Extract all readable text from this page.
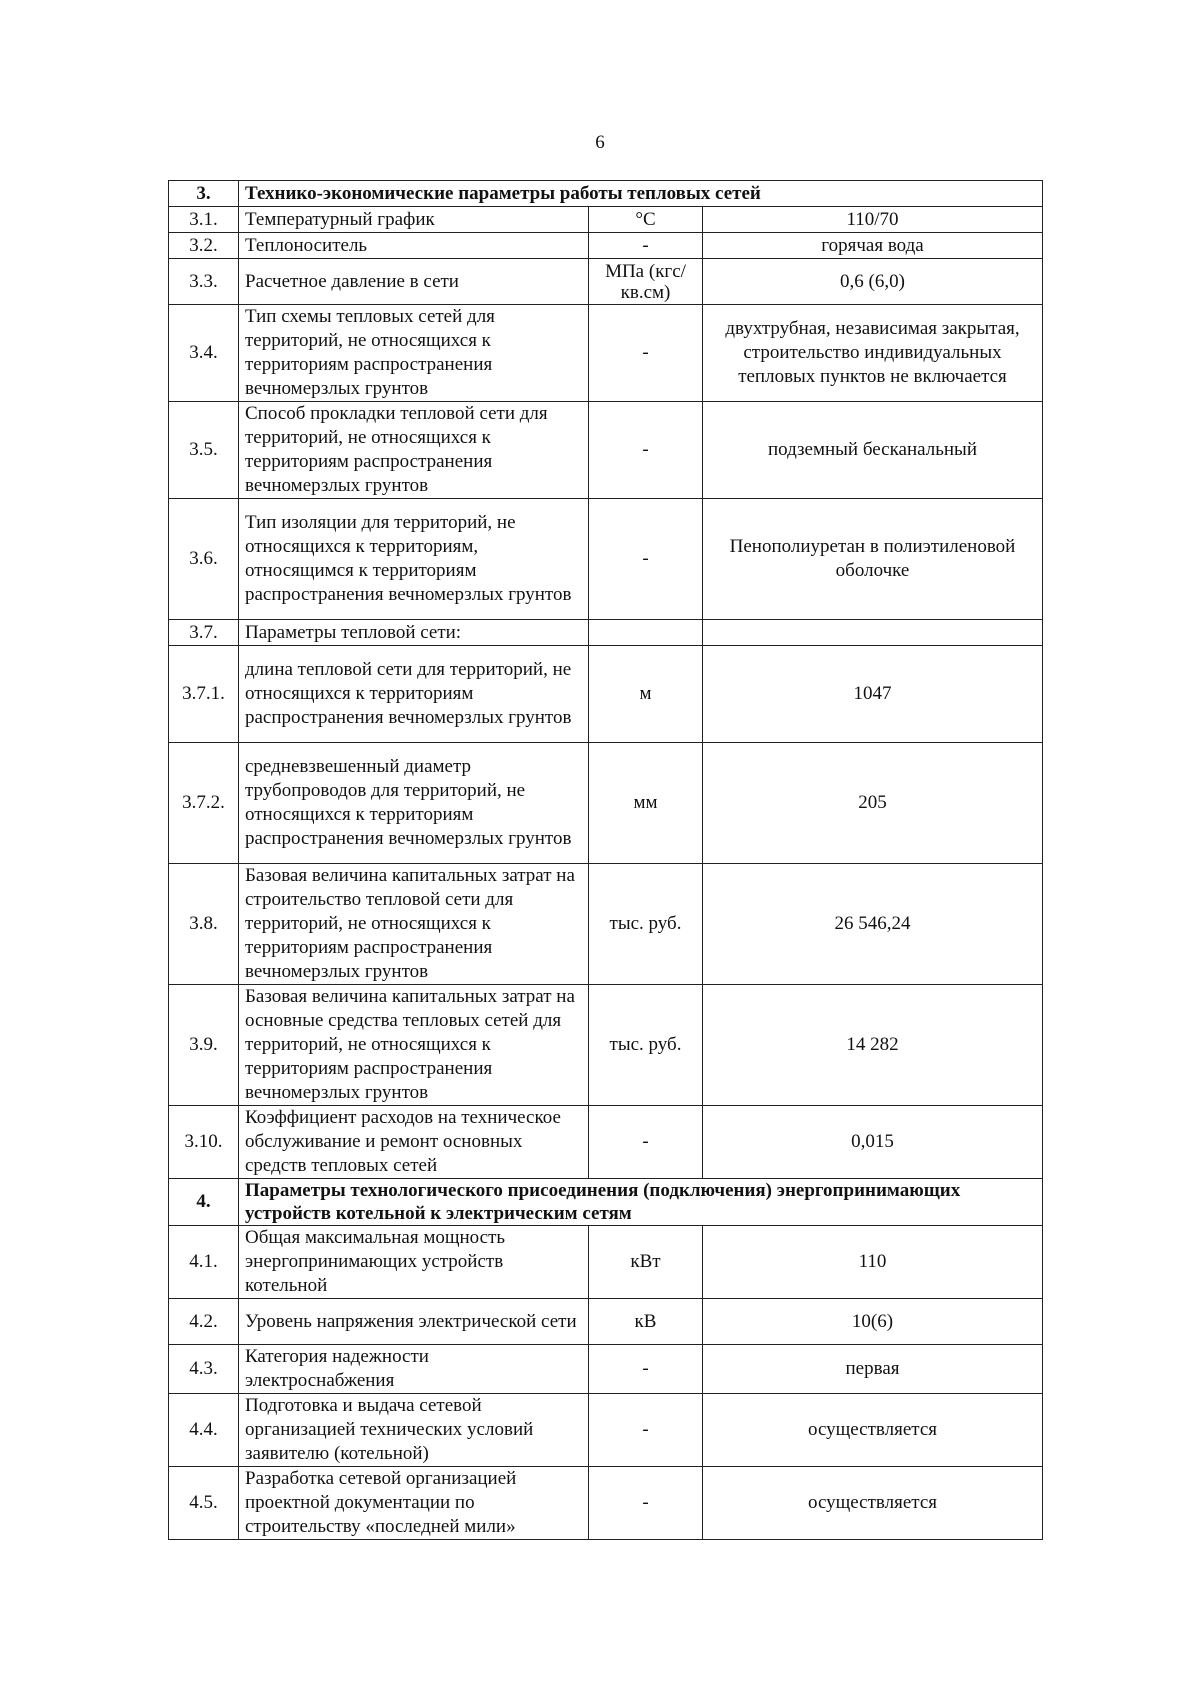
6
3.	Технико-экономические параметры работы тепловых сетей		
3.1.	Температурный график	°С	110/70
3.2.	Теплоноситель	-	горячая вода
3.3.	Расчетное давление в сети	МПа (кгс/кв.см)	0,6 (6,0)
3.4.	Тип схемы тепловых сетей для территорий, не относящихся к территориям распространения вечномерзлых грунтов	-	двухтрубная, независимая закрытая, строительство индивидуальных тепловых пунктов не включается
3.5.	Способ прокладки тепловой сети для территорий, не относящихся к территориям распространения вечномерзлых грунтов	-	подземный бесканальный
3.6.	Тип изоляции для территорий, не относящихся к территориям, относящимся к территориям распространения вечномерзлых грунтов	-	Пенополиуретан в полиэтиленовой оболочке
3.7.	Параметры тепловой сети:		
3.7.1.	длина тепловой сети для территорий, не относящихся к территориям распространения вечномерзлых грунтов	м	1047
3.7.2.	средневзвешенный диаметр трубопроводов для территорий, не относящихся к территориям распространения вечномерзлых грунтов	мм	205
3.8.	Базовая величина капитальных затрат на строительство тепловой сети для территорий, не относящихся к территориям распространения вечномерзлых грунтов	тыс. руб.	26 546,24
3.9.	Базовая величина капитальных затрат на основные средства тепловых сетей для территорий, не относящихся к территориям распространения вечномерзлых грунтов	тыс. руб.	14 282
3.10.	Коэффициент расходов на техническое обслуживание и ремонт основных средств тепловых сетей	-	0,015
4.	Параметры технологического присоединения (подключения) энергопринимающих устройств котельной к электрическим сетям		
4.1.	Общая максимальная мощность энергопринимающих устройств котельной	кВт	110
4.2.	Уровень напряжения электрической сети	кВ	10(6)
4.3.	Категория надежности электроснабжения	-	первая
4.4.	Подготовка и выдача сетевой организацией технических условий заявителю (котельной)	-	осуществляется
4.5.	Разработка сетевой организацией проектной документации по строительству «последней мили»	-	осуществляется
